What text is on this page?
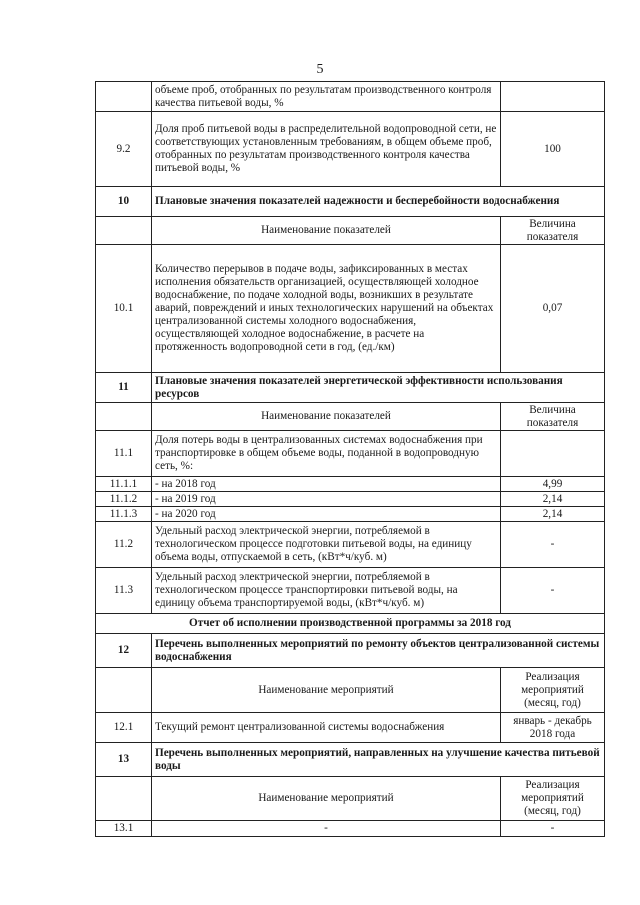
5
	объеме проб, отобранных по результатам производственного контроля качества питьевой воды, %	
9.2	Доля проб питьевой воды в распределительной водопроводной сети, не соответствующих установленным требованиям, в общем объеме проб, отобранных по результатам производственного контроля качества питьевой воды, %	100
10	Плановые значения показателей надежности и бесперебойности водоснабжения	
	Наименование показателей	Величина показателя
10.1	Количество перерывов в подаче воды, зафиксированных в местах исполнения обязательств организацией, осуществляющей холодное водоснабжение, по подаче холодной воды, возникших в результате аварий, повреждений и иных технологических нарушений на объектах централизованной системы холодного водоснабжения, осуществляющей холодное водоснабжение, в расчете на протяженность водопроводной сети в год, (ед./км)	0,07
11	Плановые значения показателей энергетической эффективности использования ресурсов	
	Наименование показателей	Величина показателя
11.1	Доля потерь воды в централизованных системах водоснабжения при транспортировке в общем объеме воды, поданной в водопроводную сеть, %:	
11.1.1	- на 2018 год	4,99
11.1.2	- на 2019 год	2,14
11.1.3	- на 2020 год	2,14
11.2	Удельный расход электрической энергии, потребляемой в технологическом процессе подготовки питьевой воды, на единицу объема воды, отпускаемой в сеть, (кВт*ч/куб. м)	-
11.3	Удельный расход электрической энергии, потребляемой в технологическом процессе транспортировки питьевой воды, на единицу объема транспортируемой воды, (кВт*ч/куб. м)	-
Отчет об исполнении производственной программы за 2018 год		
12	Перечень выполненных мероприятий по ремонту объектов централизованной системы водоснабжения	
	Наименование мероприятий	Реализация мероприятий (месяц, год)
12.1	Текущий ремонт централизованной системы водоснабжения	январь - декабрь 2018 года
13	Перечень выполненных мероприятий, направленных на улучшение качества питьевой воды	
	Наименование мероприятий	Реализация мероприятий (месяц, год)
13.1	-	-
